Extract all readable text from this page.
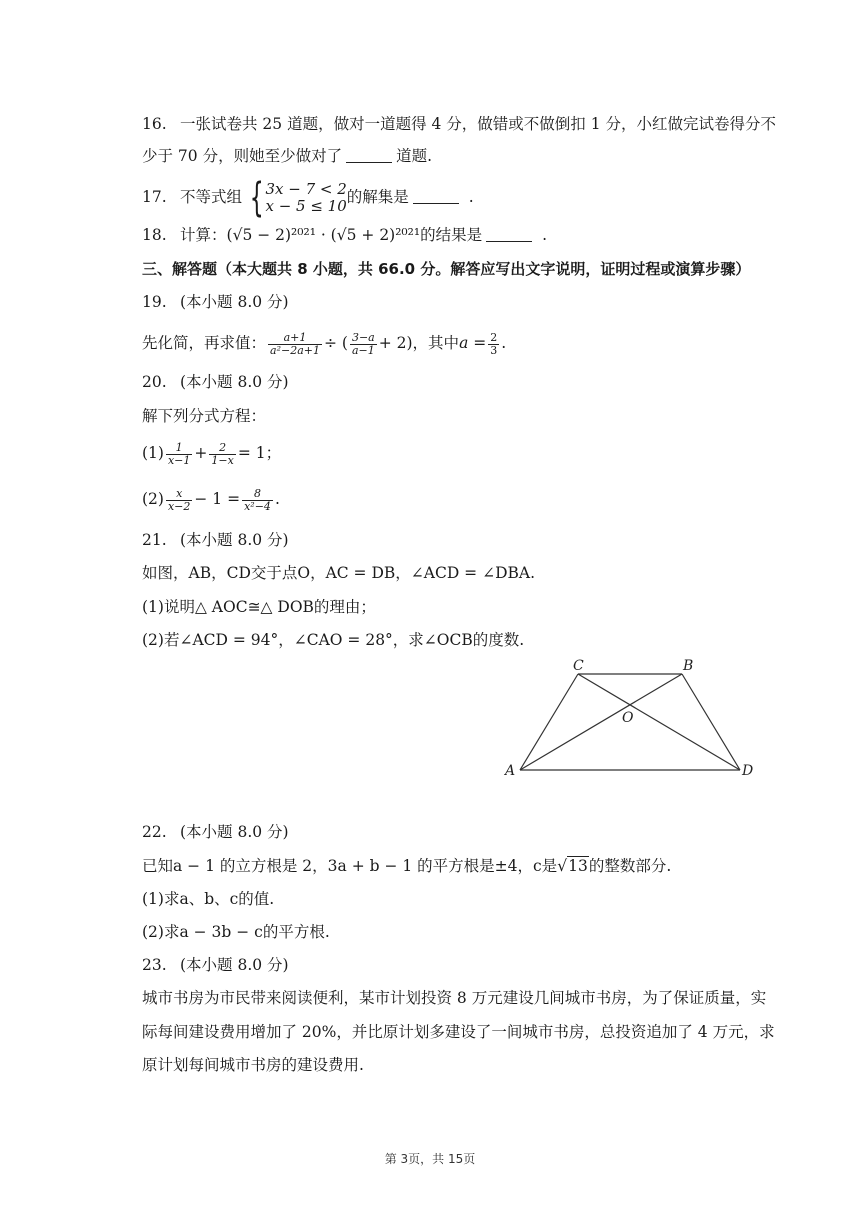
16. 一张试卷共 25 道题，做对一道题得 4 分，做错或不做倒扣 1 分，小红做完试卷得分不
少于 70 分，则她至少做对了	道题.
17. 不等式组 { 3x − 7 < 2
x − 5 ≤ 10 的解集是	.
18. 计算：(√5 − 2)²⁰²¹ · (√5 + 2)²⁰²¹的结果是	.
三、解答题（本大题共 8 小题，共 66.0 分。解答应写出文字说明，证明过程或演算步骤）
19. (本小题 8.0 分)
先化简，再求值： $\frac{a+1}{\text{a²−2a+1}}$ ÷ ( $\frac{3-a}{a-1} + 2$)，其中$a = \frac{2}{3}$ .
20. (本小题 8.0 分)
解下列分式方程：
$(1) \frac{1}{x-1} + \frac{2}{1-x} = 1$；
$(2) \frac{x}{x-2} - 1 = \frac{8}{\text{x²−4}}$ .
21. (本小题 8.0 分)
如图，AB，CD交于点O，AC = DB，∠ACD = ∠DBA.
(1)说明△ AOC≅△ DOB的理由；
(2)若∠ACD = 94°，∠CAO = 28°，求∠OCB的度数.
C	B
O
A	D
22. (本小题 8.0 分)
已知a − 1 的立方根是 2，3a + b − 1 的平方根是±4，c是√13的整数部分.
(1)求a、b、c的值.
(2)求a − 3b − c的平方根.
23. (本小题 8.0 分)
城市书房为市民带来阅读便利，某市计划投资 8 万元建设几间城市书房，为了保证质量，实
际每间建设费用增加了 20%，并比原计划多建设了一间城市书房，总投资追加了 4 万元，求
原计划每间城市书房的建设费用.
第 3页，共 15页
